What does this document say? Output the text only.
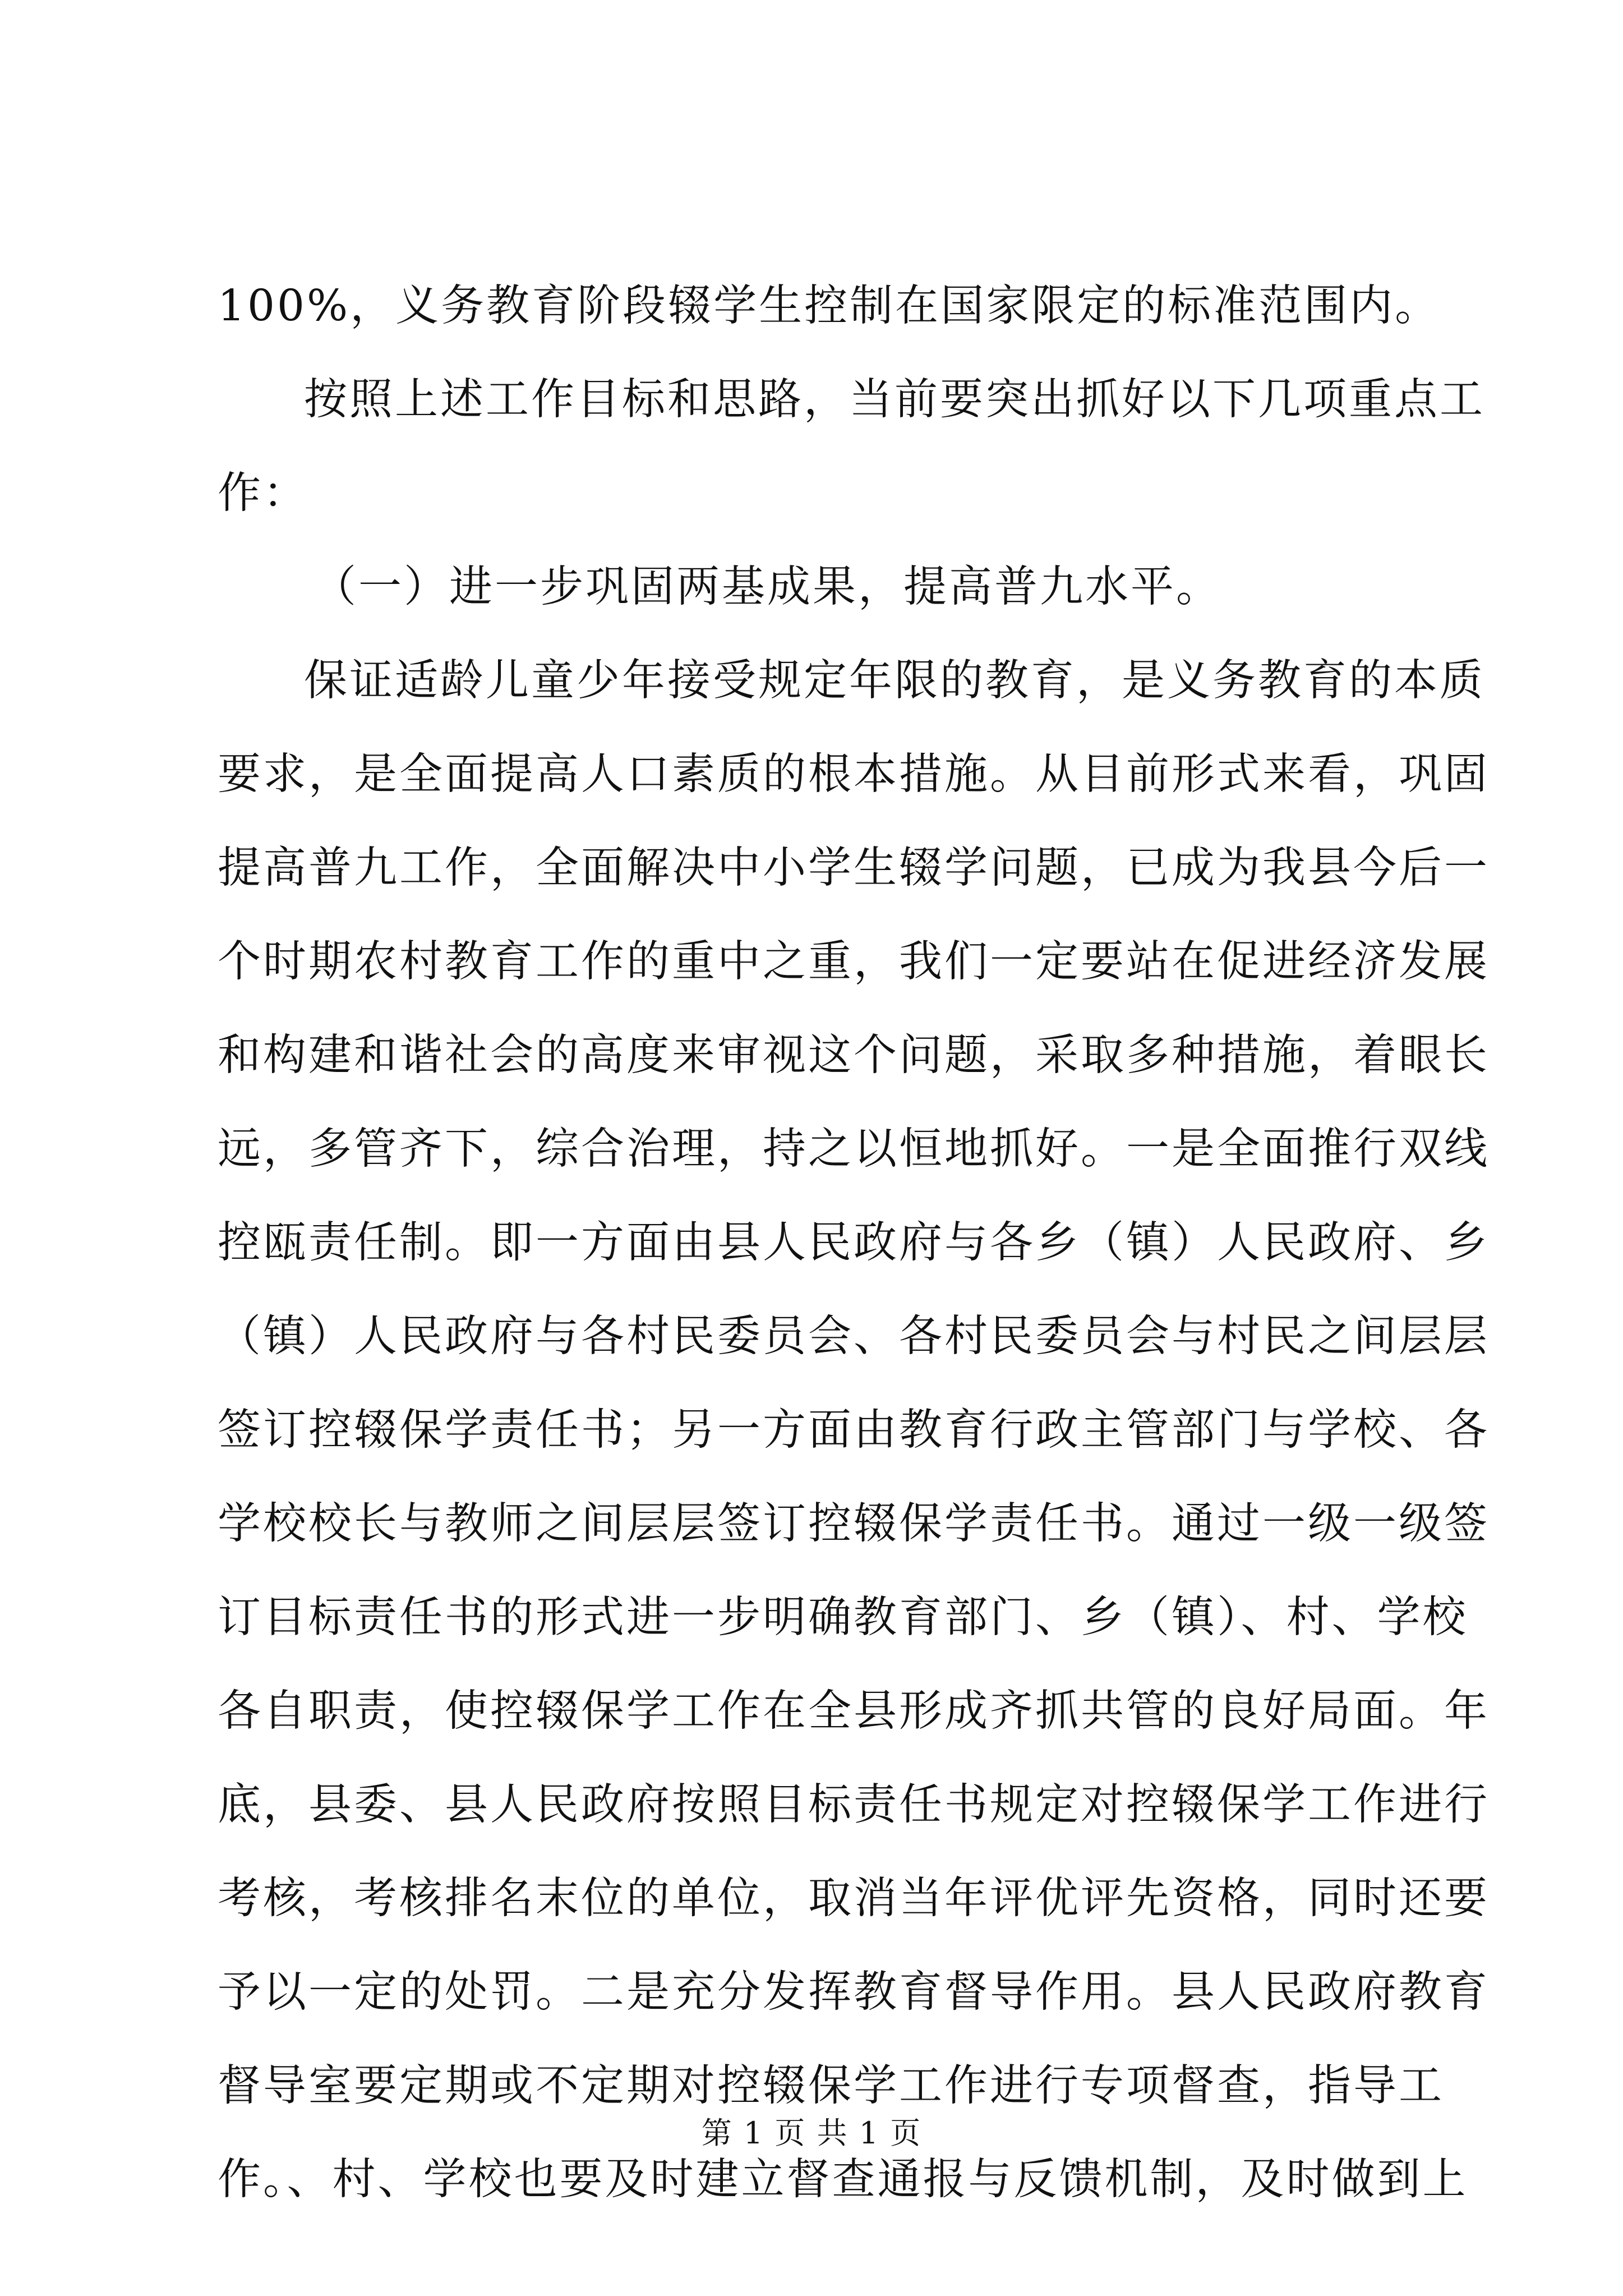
100%，义务教育阶段辍学生控制在国家限定的标准范围内。
按照上述工作目标和思路，当前要突出抓好以下几项重点工
作：
（一）进一步巩固两基成果，提高普九水平。
保证适龄儿童少年接受规定年限的教育，是义务教育的本质
要求，是全面提高人口素质的根本措施。从目前形式来看，巩固
提高普九工作，全面解决中小学生辍学问题，已成为我县今后一
个时期农村教育工作的重中之重，我们一定要站在促进经济发展
和构建和谐社会的高度来审视这个问题，采取多种措施，着眼长
远，多管齐下，综合治理，持之以恒地抓好。一是全面推行双线
控瓯责任制。即一方面由县人民政府与各乡（镇）人民政府、乡
（镇）人民政府与各村民委员会、各村民委员会与村民之间层层
签订控辍保学责任书；另一方面由教育行政主管部门与学校、各
学校校长与教师之间层层签订控辍保学责任书。通过一级一级签
订目标责任书的形式进一步明确教育部门、乡（镇）、村、学校
各自职责，使控辍保学工作在全县形成齐抓共管的良好局面。年
底，县委、县人民政府按照目标责任书规定对控辍保学工作进行
考核，考核排名末位的单位，取消当年评优评先资格，同时还要
予以一定的处罚。二是充分发挥教育督导作用。县人民政府教育
督导室要定期或不定期对控辍保学工作进行专项督查，指导工
作。、村、学校也要及时建立督查通报与反馈机制，及时做到上
第 1 页 共 1 页
